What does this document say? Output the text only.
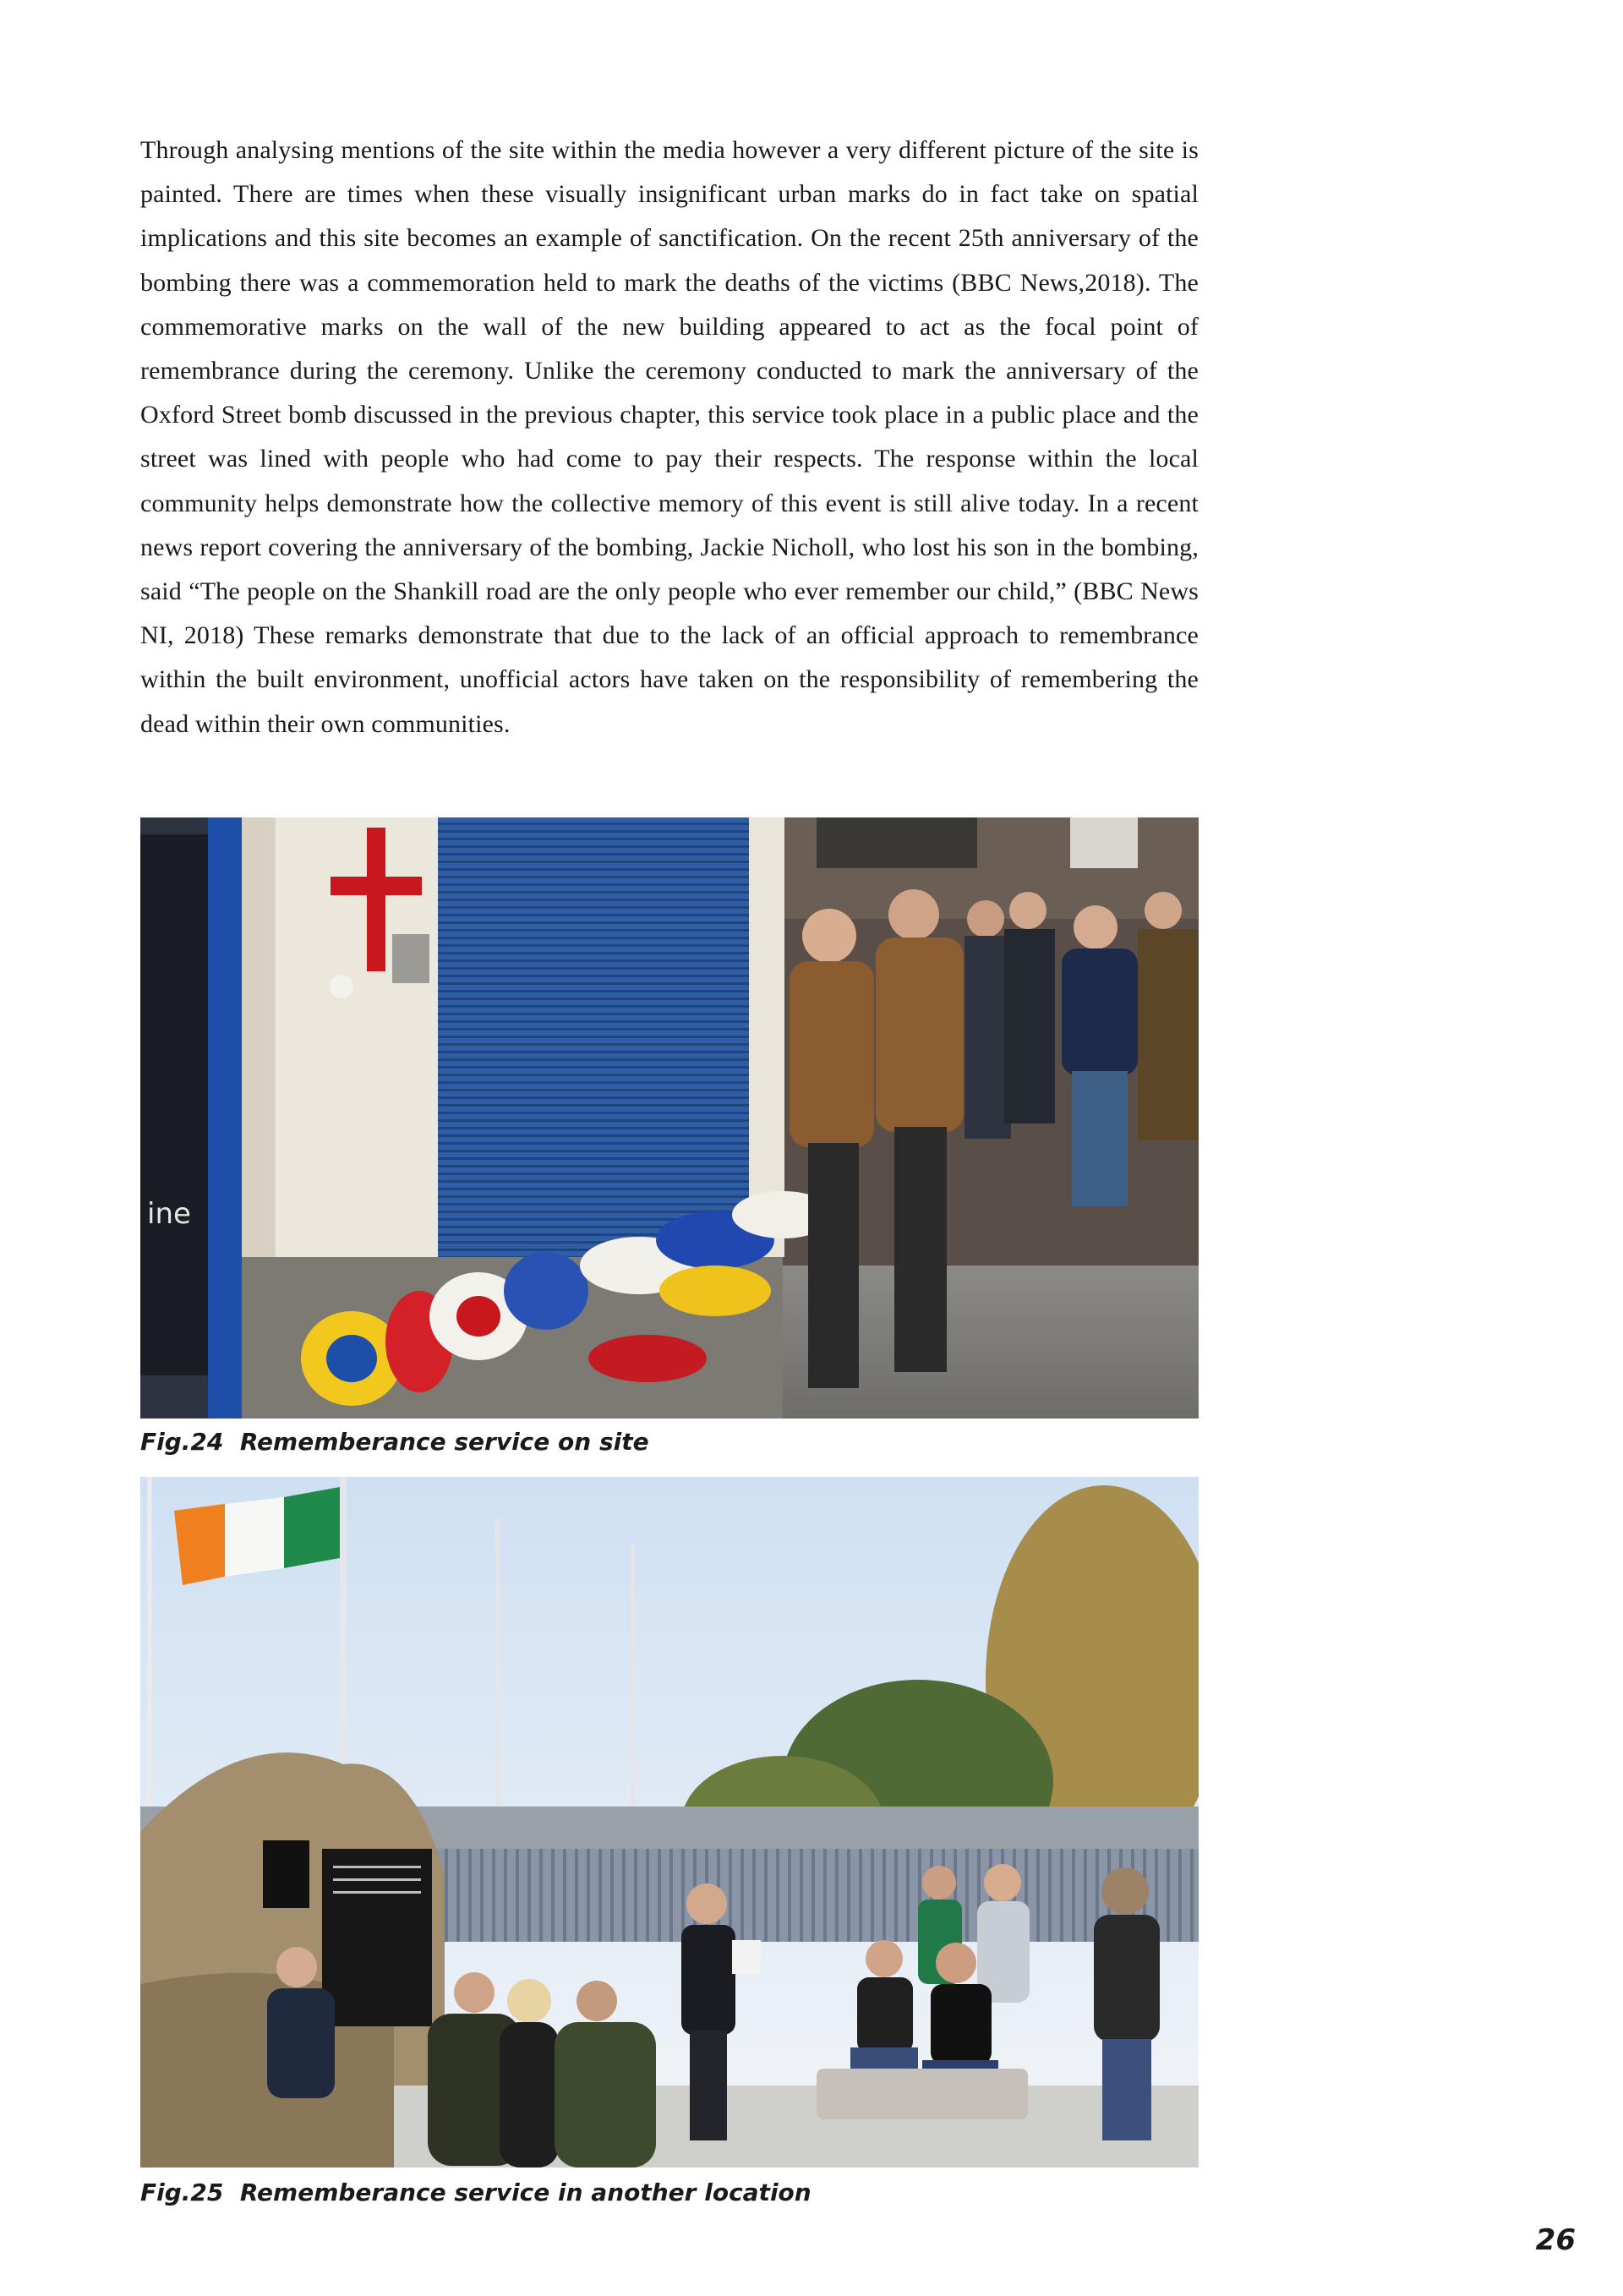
Through analysing mentions of the site within the media however a very different picture of the site is painted. There are times when these visually insignificant urban marks do in fact take on spatial implications and this site becomes an example of sanctification. On the recent 25th anniversary of the bombing there was a commemoration held to mark the deaths of the victims (BBC News,2018). The commemorative marks on the wall of the new building appeared to act as the focal point of remembrance during the ceremony. Unlike the ceremony conducted to mark the anniversary of the Oxford Street bomb discussed in the previous chapter, this service took place in a public place and the street was lined with people who had come to pay their respects. The response within the local community helps demonstrate how the collective memory of this event is still alive today. In a recent news report covering the anniversary of the bombing, Jackie Nicholl, who lost his son in the bombing, said “The people on the Shankill road are the only people who ever remember our child,” (BBC News NI, 2018) These remarks demonstrate that due to the lack of an official approach to remembrance within the built environment, unofficial actors have taken on the responsibility of remembering the dead within their own communities.

ine

Fig.24  Rememberance service on site

Fig.25  Rememberance service in another location

26
